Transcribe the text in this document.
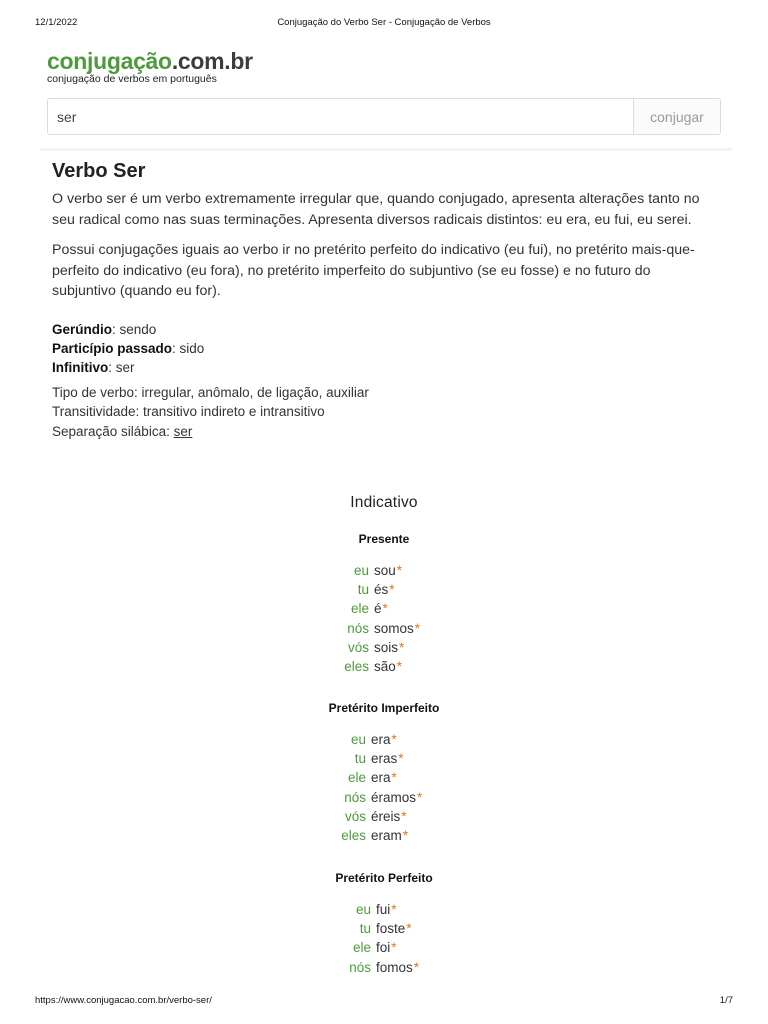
12/1/2022	Conjugação do Verbo Ser - Conjugação de Verbos
conjugação.com.br
conjugação de verbos em português
ser
conjugar
Verbo Ser

O verbo ser é um verbo extremamente irregular que, quando conjugado, apresenta alterações tanto no seu radical como nas suas terminações. Apresenta diversos radicais distintos: eu era, eu fui, eu serei.

Possui conjugações iguais ao verbo ir no pretérito perfeito do indicativo (eu fui), no pretérito mais-que-perfeito do indicativo (eu fora), no pretérito imperfeito do subjuntivo (se eu fosse) e no futuro do subjuntivo (quando eu for).

Gerúndio: sendo
Particípio passado: sido
Infinitivo: ser
Tipo de verbo: irregular, anômalo, de ligação, auxiliar
Transitividade: transitivo indireto e intransitivo
Separação silábica: ser
Indicativo
Presente
eu sou*
tu és*
ele é*
nós somos*
vós sois*
eles são*
Pretérito Imperfeito
eu era*
tu eras*
ele era*
nós éramos*
vós éreis*
eles eram*
Pretérito Perfeito
eu fui*
tu foste*
ele foi*
nós fomos*
https://www.conjugacao.com.br/verbo-ser/	1/7
